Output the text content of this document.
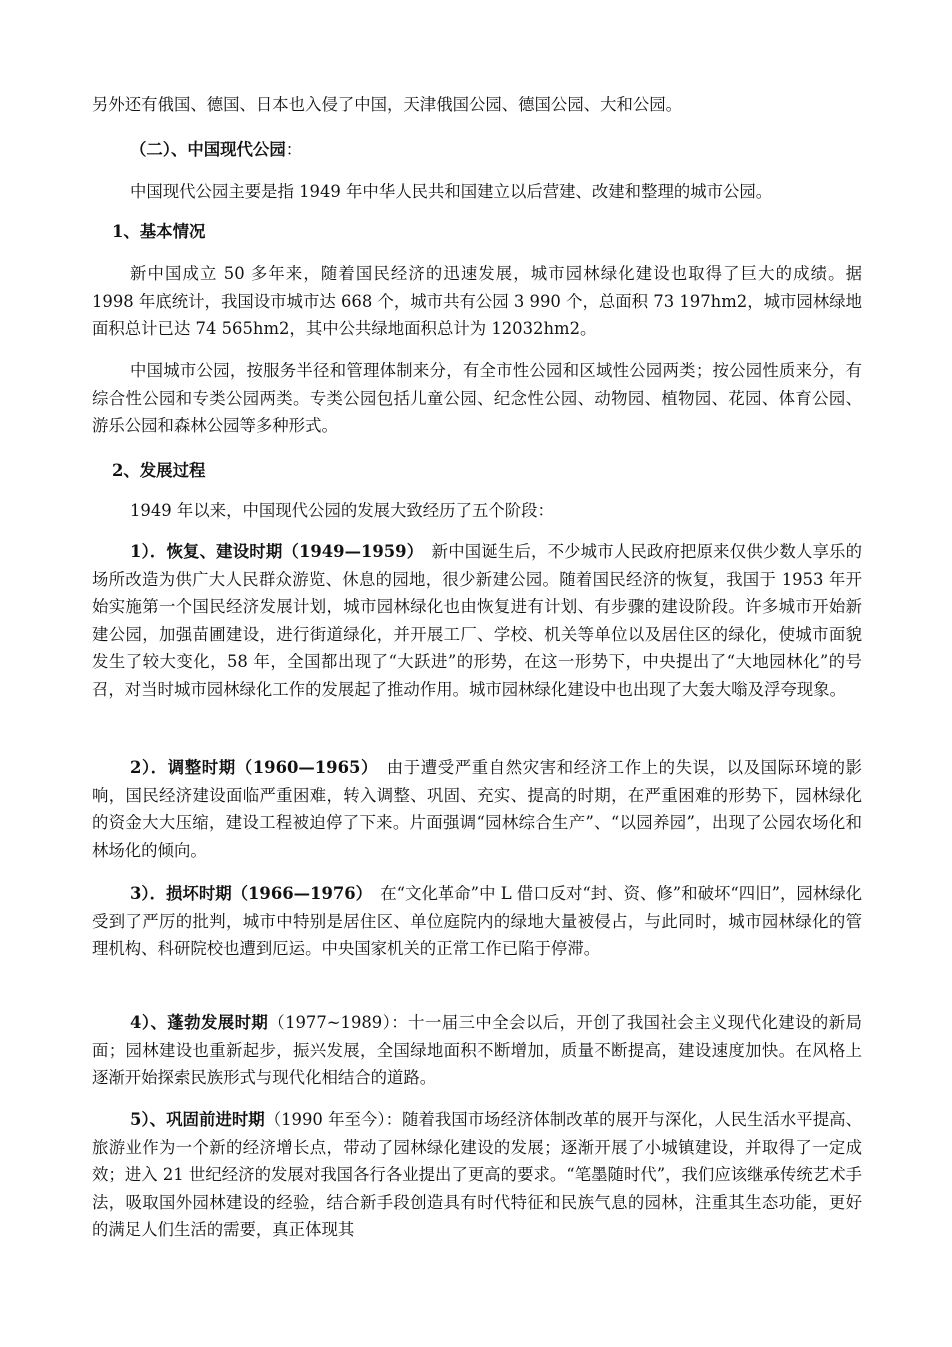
另外还有俄国、德国、日本也入侵了中国，天津俄国公园、德国公园、大和公园。

（二）、中国现代公园：

中国现代公园主要是指 1949 年中华人民共和国建立以后营建、改建和整理的城市公园。

1、基本情况

新中国成立 50 多年来，随着国民经济的迅速发展，城市园林绿化建设也取得了巨大的成绩。据 1998 年底统计，我国设市城市达 668 个，城市共有公园 3 990 个，总面积 73 197hm2，城市园林绿地面积总计已达 74 565hm2，其中公共绿地面积总计为 12032hm2。

中国城市公园，按服务半径和管理体制来分，有全市性公园和区域性公园两类；按公园性质来分，有综合性公园和专类公园两类。专类公园包括儿童公园、纪念性公园、动物园、植物园、花园、体育公园、游乐公园和森林公园等多种形式。

2、发展过程

1949 年以来，中国现代公园的发展大致经历了五个阶段：

1）．恢复、建设时期（1949—1959）　新中国诞生后，不少城市人民政府把原来仅供少数人享乐的场所改造为供广大人民群众游览、休息的园地，很少新建公园。随着国民经济的恢复，我国于 1953 年开始实施第一个国民经济发展计划，城市园林绿化也由恢复进有计划、有步骤的建设阶段。许多城市开始新建公园，加强苗圃建设，进行街道绿化，并开展工厂、学校、机关等单位以及居住区的绿化，使城市面貌发生了较大变化，58 年，全国都出现了“大跃进”的形势，在这一形势下，中央提出了“大地园林化”的号召，对当时城市园林绿化工作的发展起了推动作用。城市园林绿化建设中也出现了大轰大嗡及浮夸现象。

2）．调整时期（1960—1965）　由于遭受严重自然灾害和经济工作上的失误，以及国际环境的影响，国民经济建设面临严重困难，转入调整、巩固、充实、提高的时期，在严重困难的形势下，园林绿化的资金大大压缩，建设工程被迫停了下来。片面强调“园林综合生产”、“以园养园”，出现了公园农场化和林场化的倾向。

3）．损坏时期（1966—1976）　在“文化革命”中 L 借口反对“封、资、修”和破坏“四旧”，园林绿化受到了严厉的批判，城市中特别是居住区、单位庭院内的绿地大量被侵占，与此同时，城市园林绿化的管理机构、科研院校也遭到厄运。中央国家机关的正常工作已陷于停滞。

4）、蓬勃发展时期（1977~1989）：十一届三中全会以后，开创了我国社会主义现代化建设的新局面；园林建设也重新起步，振兴发展，全国绿地面积不断增加，质量不断提高，建设速度加快。在风格上逐渐开始探索民族形式与现代化相结合的道路。

5）、巩固前进时期（1990 年至今）：随着我国市场经济体制改革的展开与深化，人民生活水平提高、旅游业作为一个新的经济增长点，带动了园林绿化建设的发展；逐渐开展了小城镇建设，并取得了一定成效；进入 21 世纪经济的发展对我国各行各业提出了更高的要求。“笔墨随时代”，我们应该继承传统艺术手法，吸取国外园林建设的经验，结合新手段创造具有时代特征和民族气息的园林，注重其生态功能，更好的满足人们生活的需要，真正体现其
